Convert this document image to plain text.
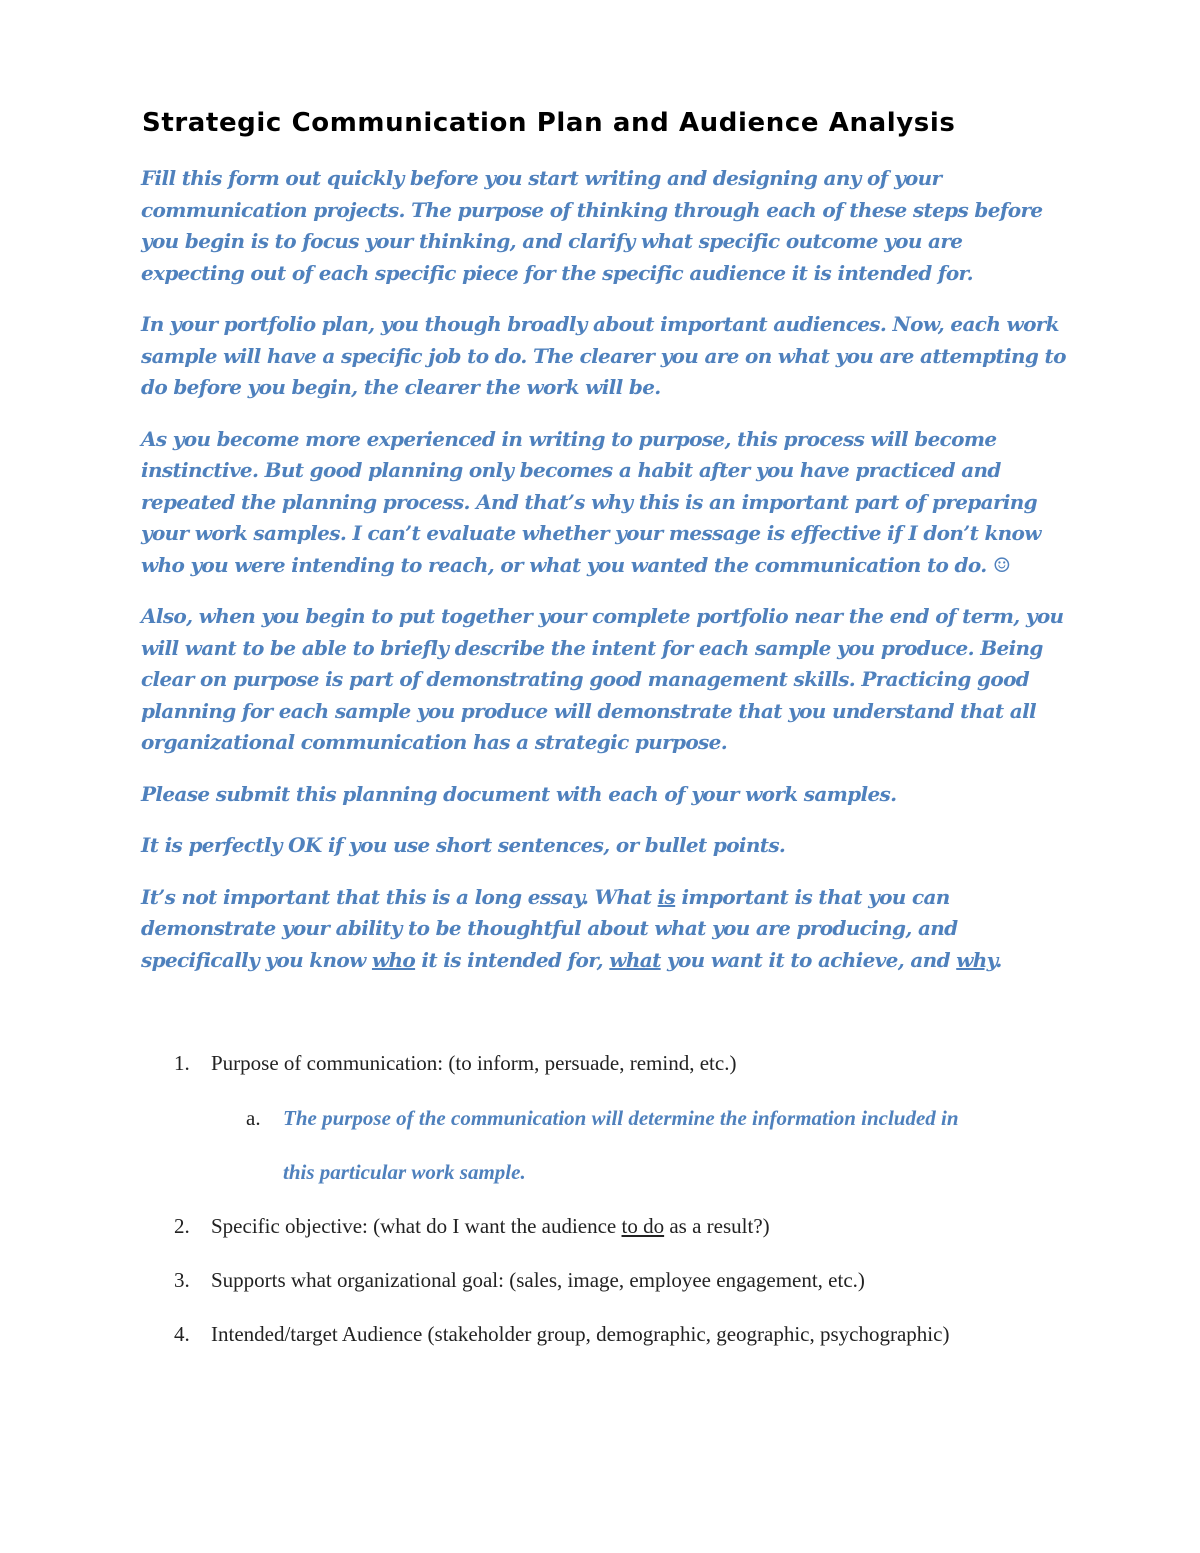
Strategic Communication Plan and Audience Analysis

Fill this form out quickly before you start writing and designing any of your communication projects. The purpose of thinking through each of these steps before you begin is to focus your thinking, and clarify what specific outcome you are expecting out of each specific piece for the specific audience it is intended for.

In your portfolio plan, you though broadly about important audiences. Now, each work sample will have a specific job to do. The clearer you are on what you are attempting to do before you begin, the clearer the work will be.

As you become more experienced in writing to purpose, this process will become instinctive. But good planning only becomes a habit after you have practiced and repeated the planning process. And that’s why this is an important part of preparing your work samples. I can’t evaluate whether your message is effective if I don’t know who you were intending to reach, or what you wanted the communication to do. ☺

Also, when you begin to put together your complete portfolio near the end of term, you will want to be able to briefly describe the intent for each sample you produce. Being clear on purpose is part of demonstrating good management skills. Practicing good planning for each sample you produce will demonstrate that you understand that all organizational communication has a strategic purpose.

Please submit this planning document with each of your work samples.

It is perfectly OK if you use short sentences, or bullet points.

It’s not important that this is a long essay. What is important is that you can demonstrate your ability to be thoughtful about what you are producing, and specifically you know who it is intended for, what you want it to achieve, and why.

1. Purpose of communication: (to inform, persuade, remind, etc.)
a. The purpose of the communication will determine the information included in
this particular work sample.
2. Specific objective: (what do I want the audience to do as a result?)
3. Supports what organizational goal: (sales, image, employee engagement, etc.)
4. Intended/target Audience (stakeholder group, demographic, geographic, psychographic)
